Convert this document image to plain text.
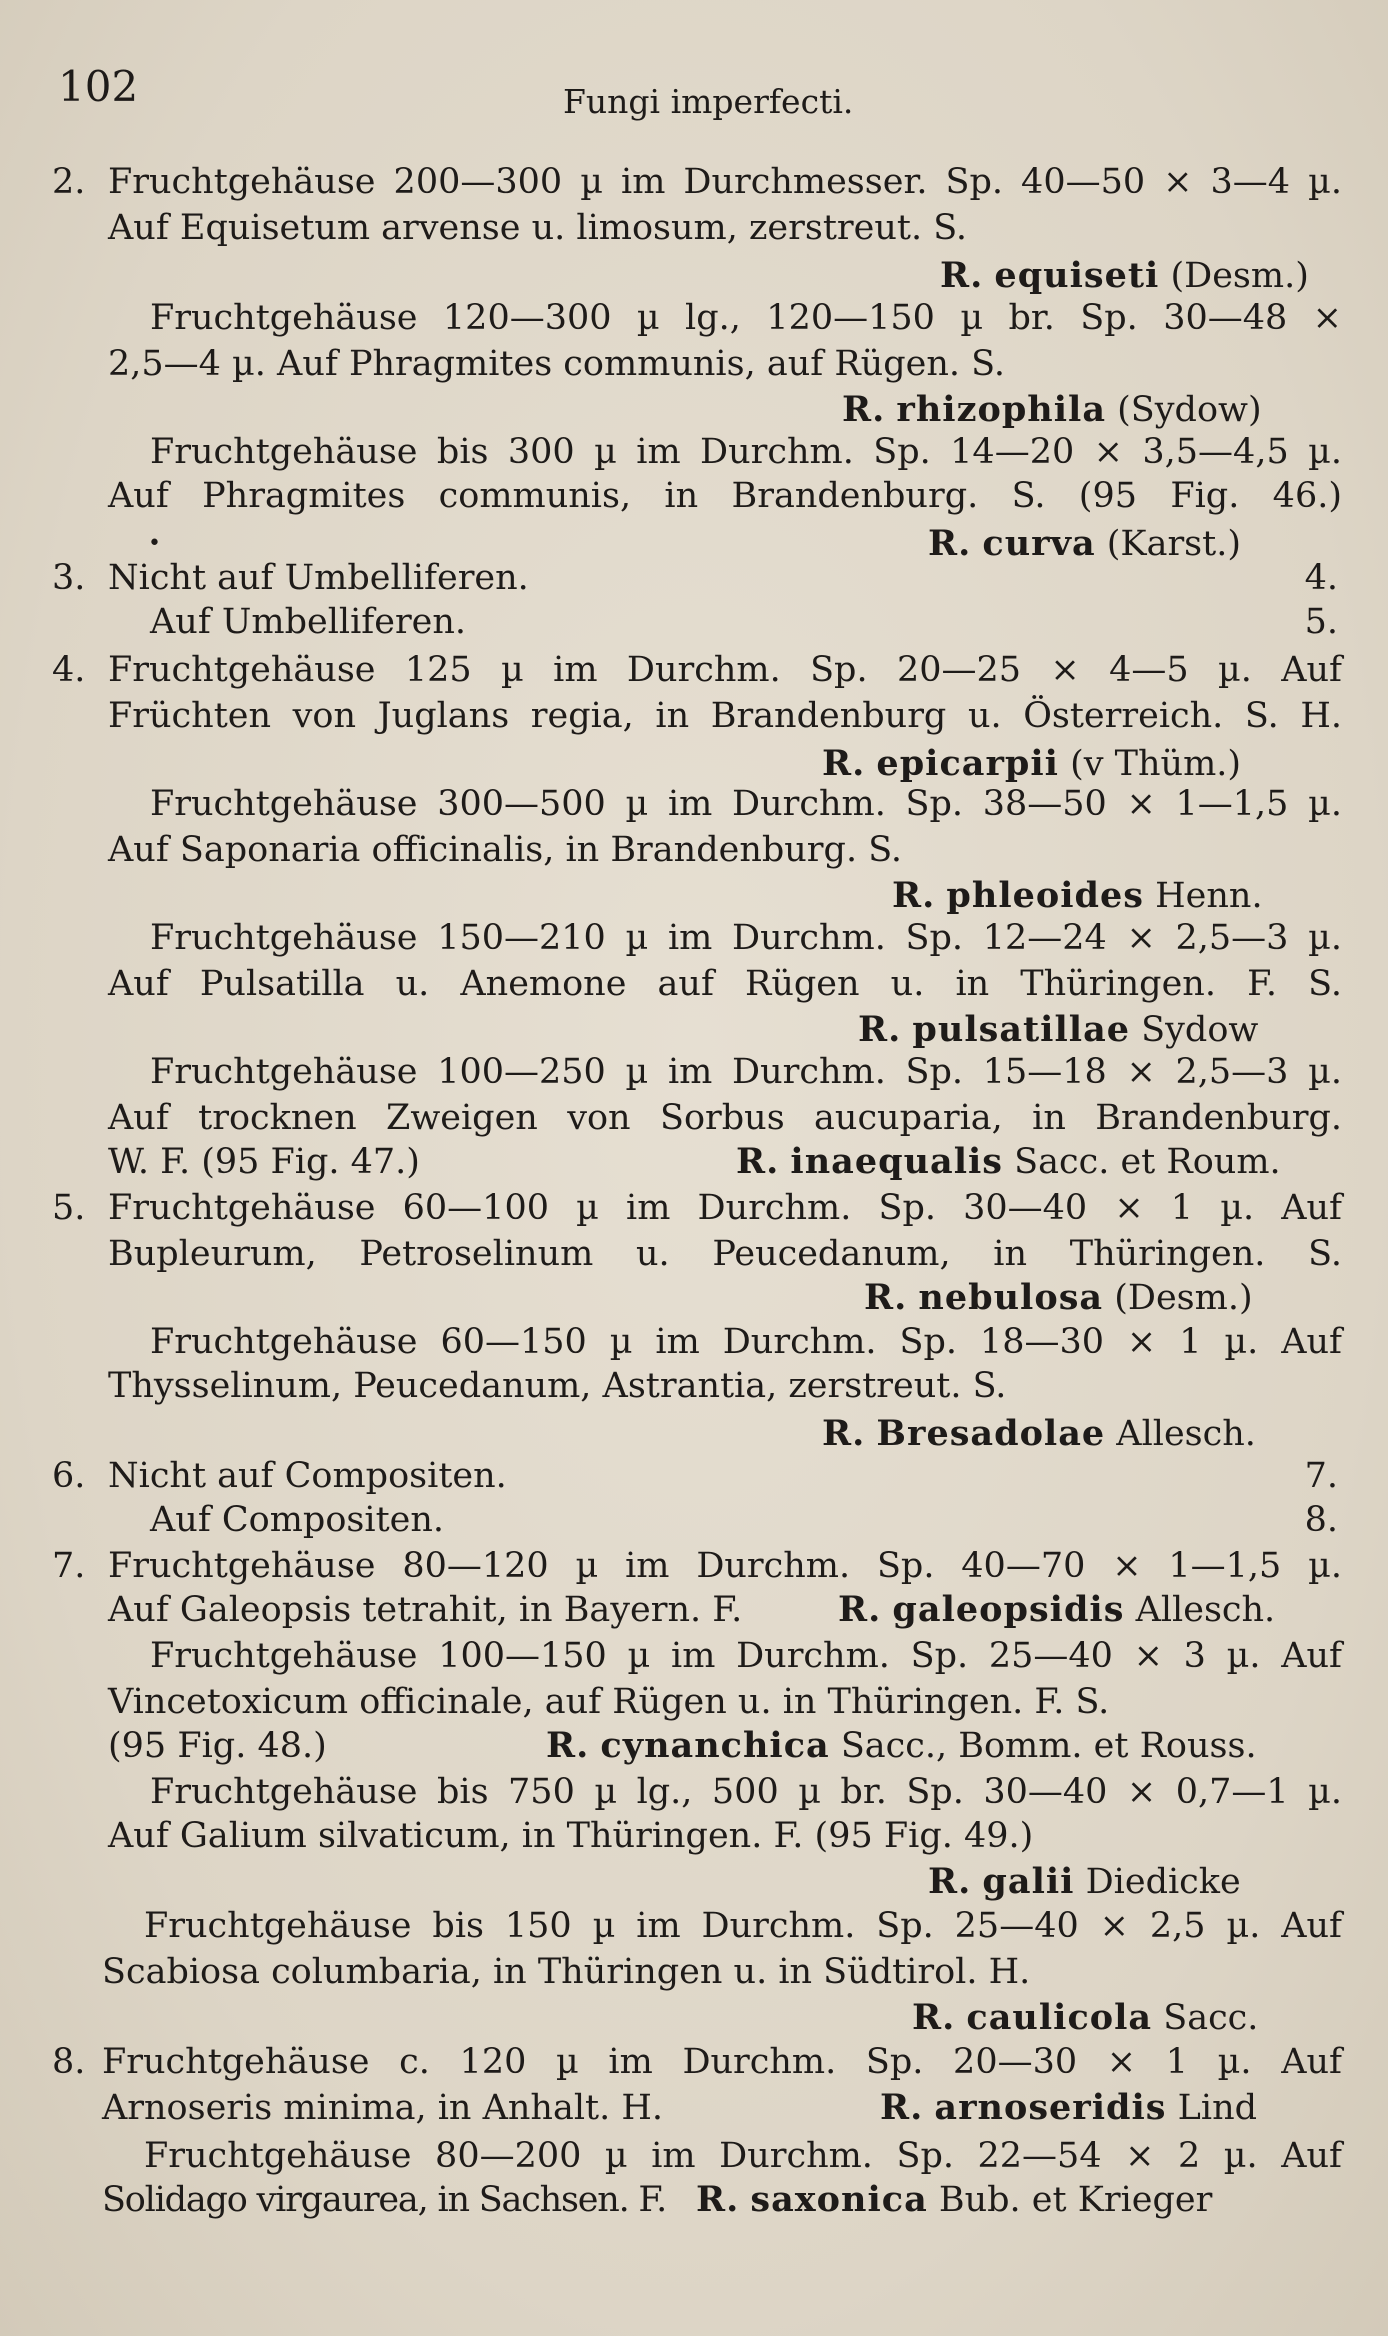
102	Fungi imperfecti.
2. Fruchtgehäuse 200—300 µ im Durchmesser. Sp. 40—50 × 3—4 µ.
Auf Equisetum arvense u. limosum, zerstreut. S.
R. equiseti (Desm.)
Fruchtgehäuse 120—300 µ lg., 120—150 µ br. Sp. 30—48 ×
2,5—4 µ. Auf Phragmites communis, auf Rügen. S.
R. rhizophila (Sydow)
Fruchtgehäuse bis 300 µ im Durchm. Sp. 14—20 × 3,5—4,5 µ.
Auf Phragmites communis, in Brandenburg. S. (95 Fig. 46.)
•	R. curva (Karst.)
3. Nicht auf Umbelliferen.	4.
Auf Umbelliferen.	5.
4. Fruchtgehäuse 125 µ im Durchm. Sp. 20—25 × 4—5 µ. Auf
Früchten von Juglans regia, in Brandenburg u. Österreich. S. H.
R. epicarpii (v Thüm.)
Fruchtgehäuse 300—500 µ im Durchm. Sp. 38—50 × 1—1,5 µ.
Auf Saponaria officinalis, in Brandenburg. S.
R. phleoides Henn.
Fruchtgehäuse 150—210 µ im Durchm. Sp. 12—24 × 2,5—3 µ.
Auf Pulsatilla u. Anemone auf Rügen u. in Thüringen. F. S.
R. pulsatillae Sydow
Fruchtgehäuse 100—250 µ im Durchm. Sp. 15—18 × 2,5—3 µ.
Auf trocknen Zweigen von Sorbus aucuparia, in Brandenburg.
W. F. (95 Fig. 47.)	R. inaequalis Sacc. et Roum.
5. Fruchtgehäuse 60—100 µ im Durchm. Sp. 30—40 × 1 µ. Auf
Bupleurum, Petroselinum u. Peucedanum, in Thüringen. S.
R. nebulosa (Desm.)
Fruchtgehäuse 60—150 µ im Durchm. Sp. 18—30 × 1 µ. Auf
Thysselinum, Peucedanum, Astrantia, zerstreut. S.
R. Bresadolae Allesch.
6. Nicht auf Compositen.	7.
Auf Compositen.	8.
7. Fruchtgehäuse 80—120 µ im Durchm. Sp. 40—70 × 1—1,5 µ.
Auf Galeopsis tetrahit, in Bayern. F.	R. galeopsidis Allesch.
Fruchtgehäuse 100—150 µ im Durchm. Sp. 25—40 × 3 µ. Auf
Vincetoxicum officinale, auf Rügen u. in Thüringen. F. S.
(95 Fig. 48.)	R. cynanchica Sacc., Bomm. et Rouss.
Fruchtgehäuse bis 750 µ lg., 500 µ br. Sp. 30—40 × 0,7—1 µ.
Auf Galium silvaticum, in Thüringen. F. (95 Fig. 49.)
R. galii Diedicke
Fruchtgehäuse bis 150 µ im Durchm. Sp. 25—40 × 2,5 µ. Auf
Scabiosa columbaria, in Thüringen u. in Südtirol. H.
R. caulicola Sacc.
8. Fruchtgehäuse c. 120 µ im Durchm. Sp. 20—30 × 1 µ. Auf
Arnoseris minima, in Anhalt. H.	R. arnoseridis Lind
Fruchtgehäuse 80—200 µ im Durchm. Sp. 22—54 × 2 µ. Auf
Solidago virgaurea, in Sachsen. F. R. saxonica Bub. et Krieger
